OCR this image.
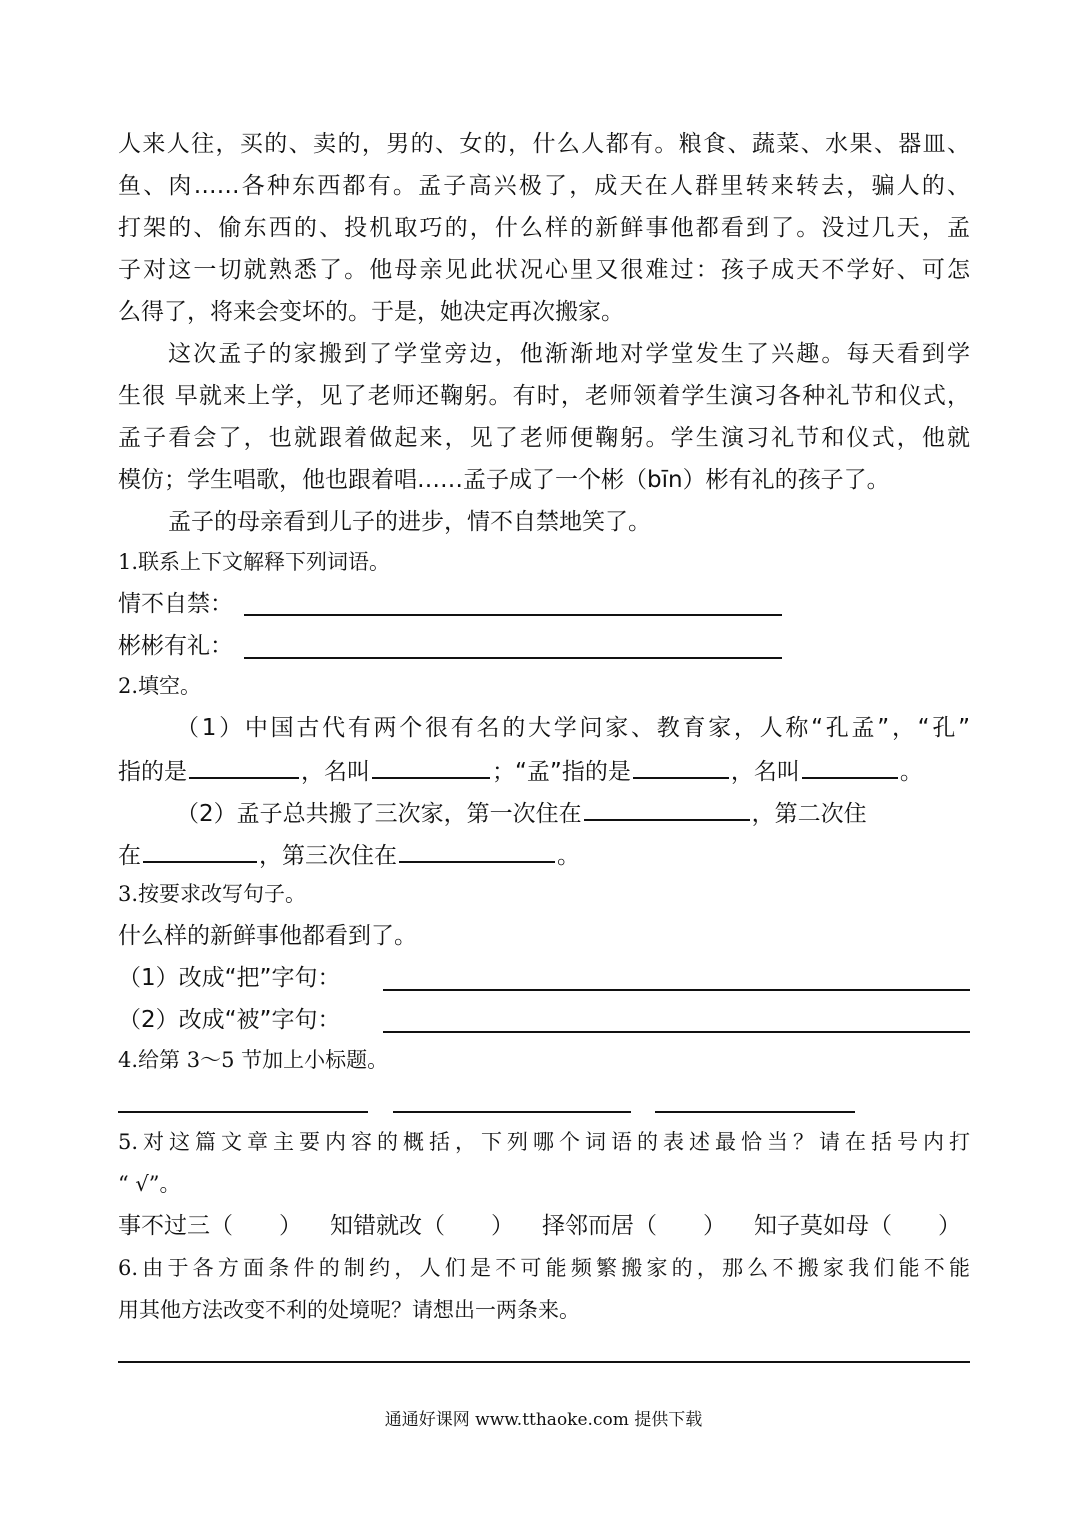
人来人往，买的、卖的，男的、女的，什么人都有。粮食、蔬菜、水果、器皿、
鱼、肉……各种东西都有。孟子高兴极了，成天在人群里转来转去，骗人的、
打架的、偷东西的、投机取巧的，什么样的新鲜事他都看到了。没过几天，孟
子对这一切就熟悉了。他母亲见此状况心里又很难过：孩子成天不学好、可怎
么得了，将来会变坏的。于是，她决定再次搬家。
这次孟子的家搬到了学堂旁边，他渐渐地对学堂发生了兴趣。每天看到学
生很 早就来上学，见了老师还鞠躬。有时，老师领着学生演习各种礼节和仪式，
孟子看会了，也就跟着做起来，见了老师便鞠躬。学生演习礼节和仪式，他就
模仿；学生唱歌，他也跟着唱……孟子成了一个彬（bīn）彬有礼的孩子了。
孟子的母亲看到儿子的进步，情不自禁地笑了。
1.联系上下文解释下列词语。
情不自禁：
彬彬有礼：
2.填空。
（1）中国古代有两个很有名的大学问家、教育家，人称“孔孟”，“孔”
指的是	，名叫	；“孟”指的是	，名叫	。
（2）孟子总共搬了三次家，第一次住在	，第二次住
在	，第三次住在	。
3.按要求改写句子。
什么样的新鲜事他都看到了。
（1）改成“把”字句：
（2）改成“被”字句：
4.给第 3～5 节加上小标题。
5.对这篇文章主要内容的概括，下列哪个词语的表述最恰当？请在括号内打
“ √”。
事不过三（　　） 知错就改（　　） 择邻而居（　　） 知子莫如母（　　）
6.由于各方面条件的制约，人们是不可能频繁搬家的，那么不搬家我们能不能
用其他方法改变不利的处境呢？请想出一两条来。
通通好课网 www.tthaoke.com 提供下载
